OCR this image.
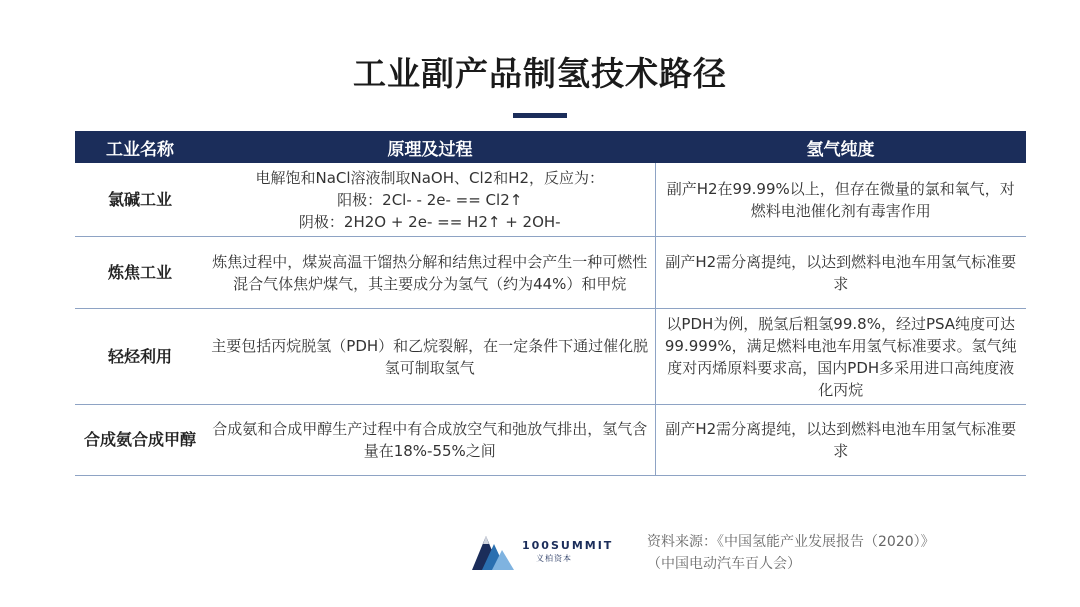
工业副产品制氢技术路径
工业名称	原理及过程	氢气纯度
氯碱工业	电解饱和NaCl溶液制取NaOH、Cl2和H2，反应为：
阳极：2Cl- - 2e- == Cl2↑
阴极：2H2O + 2e- == H2↑ + 2OH-	副产H2在99.99%以上，但存在微量的氯和氧气，对燃料电池催化剂有毒害作用
炼焦工业	炼焦过程中，煤炭高温干馏热分解和结焦过程中会产生一种可燃性混合气体焦炉煤气，其主要成分为氢气（约为44%）和甲烷	副产H2需分离提纯，以达到燃料电池车用氢气标准要求
轻烃利用	主要包括丙烷脱氢（PDH）和乙烷裂解，在一定条件下通过催化脱氢可制取氢气	以PDH为例，脱氢后粗氢99.8%，经过PSA纯度可达99.999%，满足燃料电池车用氢气标准要求。氢气纯度对丙烯原料要求高，国内PDH多采用进口高纯度液化丙烷
合成氨合成甲醇	合成氨和合成甲醇生产过程中有合成放空气和弛放气排出，氢气含量在18%-55%之间	副产H2需分离提纯，以达到燃料电池车用氢气标准要求
100SUMMIT
义柏资本
资料来源：《中国氢能产业发展报告（2020）》
（中国电动汽车百人会）
